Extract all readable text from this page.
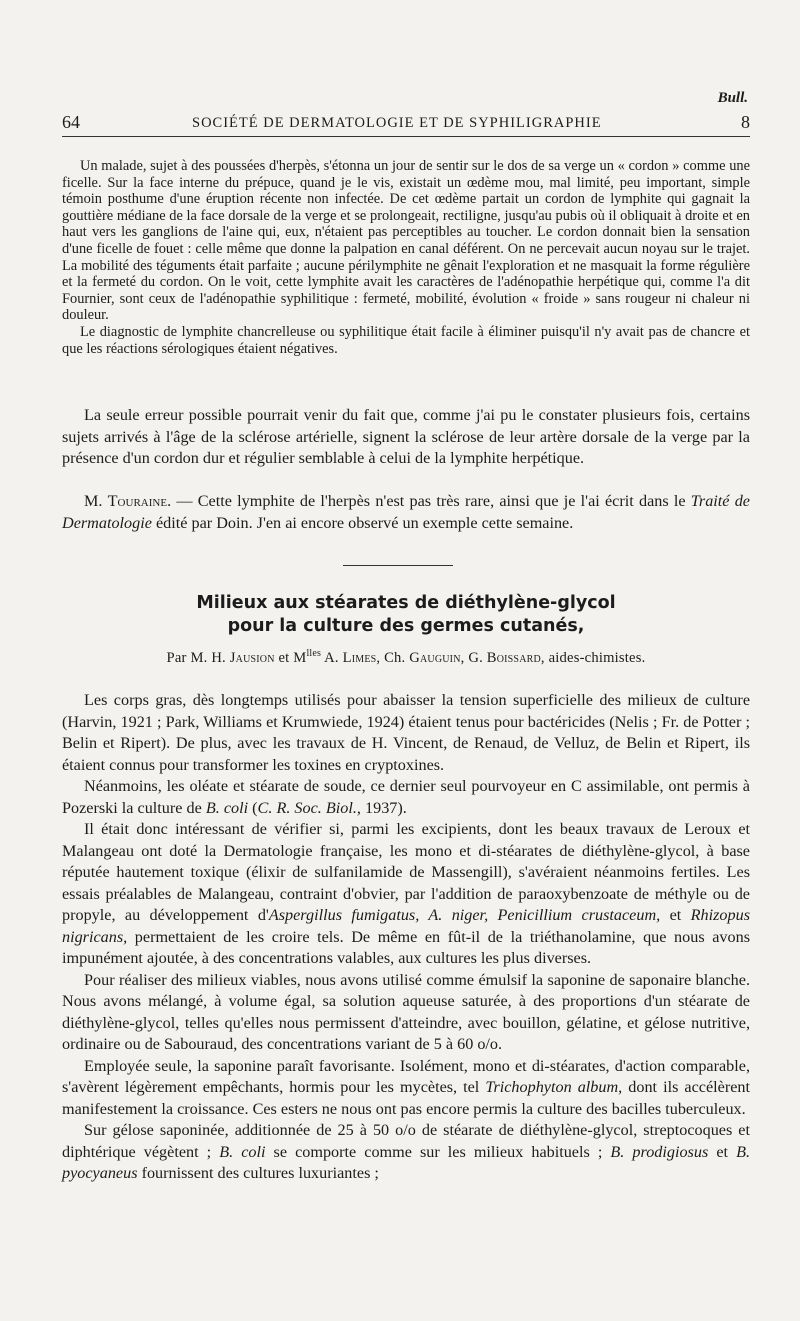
Bull.
64	SOCIÉTÉ DE DERMATOLOGIE ET DE SYPHILIGRAPHIE	8

Un malade, sujet à des poussées d'herpès, s'étonna un jour de sentir sur le dos de sa verge un « cordon » comme une ficelle. Sur la face interne du prépuce, quand je le vis, existait un œdème mou, mal limité, peu important, simple témoin posthume d'une éruption récente non infectée. De cet œdème partait un cordon de lymphite qui gagnait la gouttière médiane de la face dorsale de la verge et se prolongeait, rectiligne, jusqu'au pubis où il obliquait à droite et en haut vers les ganglions de l'aine qui, eux, n'étaient pas perceptibles au toucher. Le cordon donnait bien la sensation d'une ficelle de fouet : celle même que donne la palpation en canal déférent. On ne percevait aucun noyau sur le trajet. La mobilité des téguments était parfaite ; aucune périlymphite ne gênait l'exploration et ne masquait la forme régulière et la fermeté du cordon. On le voit, cette lymphite avait les caractères de l'adénopathie herpétique qui, comme l'a dit Fournier, sont ceux de l'adénopathie syphilitique : fermeté, mobilité, évolution « froide » sans rougeur ni chaleur ni douleur.

Le diagnostic de lymphite chancrelleuse ou syphilitique était facile à éliminer puisqu'il n'y avait pas de chancre et que les réactions sérologiques étaient négatives.

La seule erreur possible pourrait venir du fait que, comme j'ai pu le constater plusieurs fois, certains sujets arrivés à l'âge de la sclérose artérielle, signent la sclérose de leur artère dorsale de la verge par la présence d'un cordon dur et régulier semblable à celui de la lymphite herpétique.

M. Touraine. — Cette lymphite de l'herpès n'est pas très rare, ainsi que je l'ai écrit dans le Traité de Dermatologie édité par Doin. J'en ai encore observé un exemple cette semaine.

Milieux aux stéarates de diéthylène-glycol
pour la culture des germes cutanés,
Par M. H. Jausion et $M^{lles}$ A. Limes, Ch. Gauguin, G. Boissard, aides-chimistes.

Les corps gras, dès longtemps utilisés pour abaisser la tension superficielle des milieux de culture (Harvin, 1921 ; Park, Williams et Krumwiede, 1924) étaient tenus pour bactéricides (Nelis ; Fr. de Potter ; Belin et Ripert). De plus, avec les travaux de H. Vincent, de Renaud, de Velluz, de Belin et Ripert, ils étaient connus pour transformer les toxines en cryptoxines.

Néanmoins, les oléate et stéarate de soude, ce dernier seul pourvoyeur en C assimilable, ont permis à Pozerski la culture de B. coli (C. R. Soc. Biol., 1937).

Il était donc intéressant de vérifier si, parmi les excipients, dont les beaux travaux de Leroux et Malangeau ont doté la Dermatologie française, les mono et di-stéarates de diéthylène-glycol, à base réputée hautement toxique (élixir de sulfanilamide de Massengill), s'avéraient néanmoins fertiles. Les essais préalables de Malangeau, contraint d'obvier, par l'addition de paraoxybenzoate de méthyle ou de propyle, au développement d'Aspergillus fumigatus, A. niger, Penicillium crustaceum, et Rhizopus nigricans, permettaient de les croire tels. De même en fût-il de la triéthanolamine, que nous avons impunément ajoutée, à des concentrations valables, aux cultures les plus diverses.

Pour réaliser des milieux viables, nous avons utilisé comme émulsif la saponine de saponaire blanche. Nous avons mélangé, à volume égal, sa solution aqueuse saturée, à des proportions d'un stéarate de diéthylène-glycol, telles qu'elles nous permissent d'atteindre, avec bouillon, gélatine, et gélose nutritive, ordinaire ou de Sabouraud, des concentrations variant de 5 à 60 o/o.

Employée seule, la saponine paraît favorisante. Isolément, mono et di-stéarates, d'action comparable, s'avèrent légèrement empêchants, hormis pour les mycètes, tel Trichophyton album, dont ils accélèrent manifestement la croissance. Ces esters ne nous ont pas encore permis la culture des bacilles tuberculeux.

Sur gélose saponinée, additionnée de 25 à 50 o/o de stéarate de diéthylène-glycol, streptocoques et diphtérique végètent ; B. coli se comporte comme sur les milieux habituels ; B. prodigiosus et B. pyocyaneus fournissent des cultures luxuriantes ;
